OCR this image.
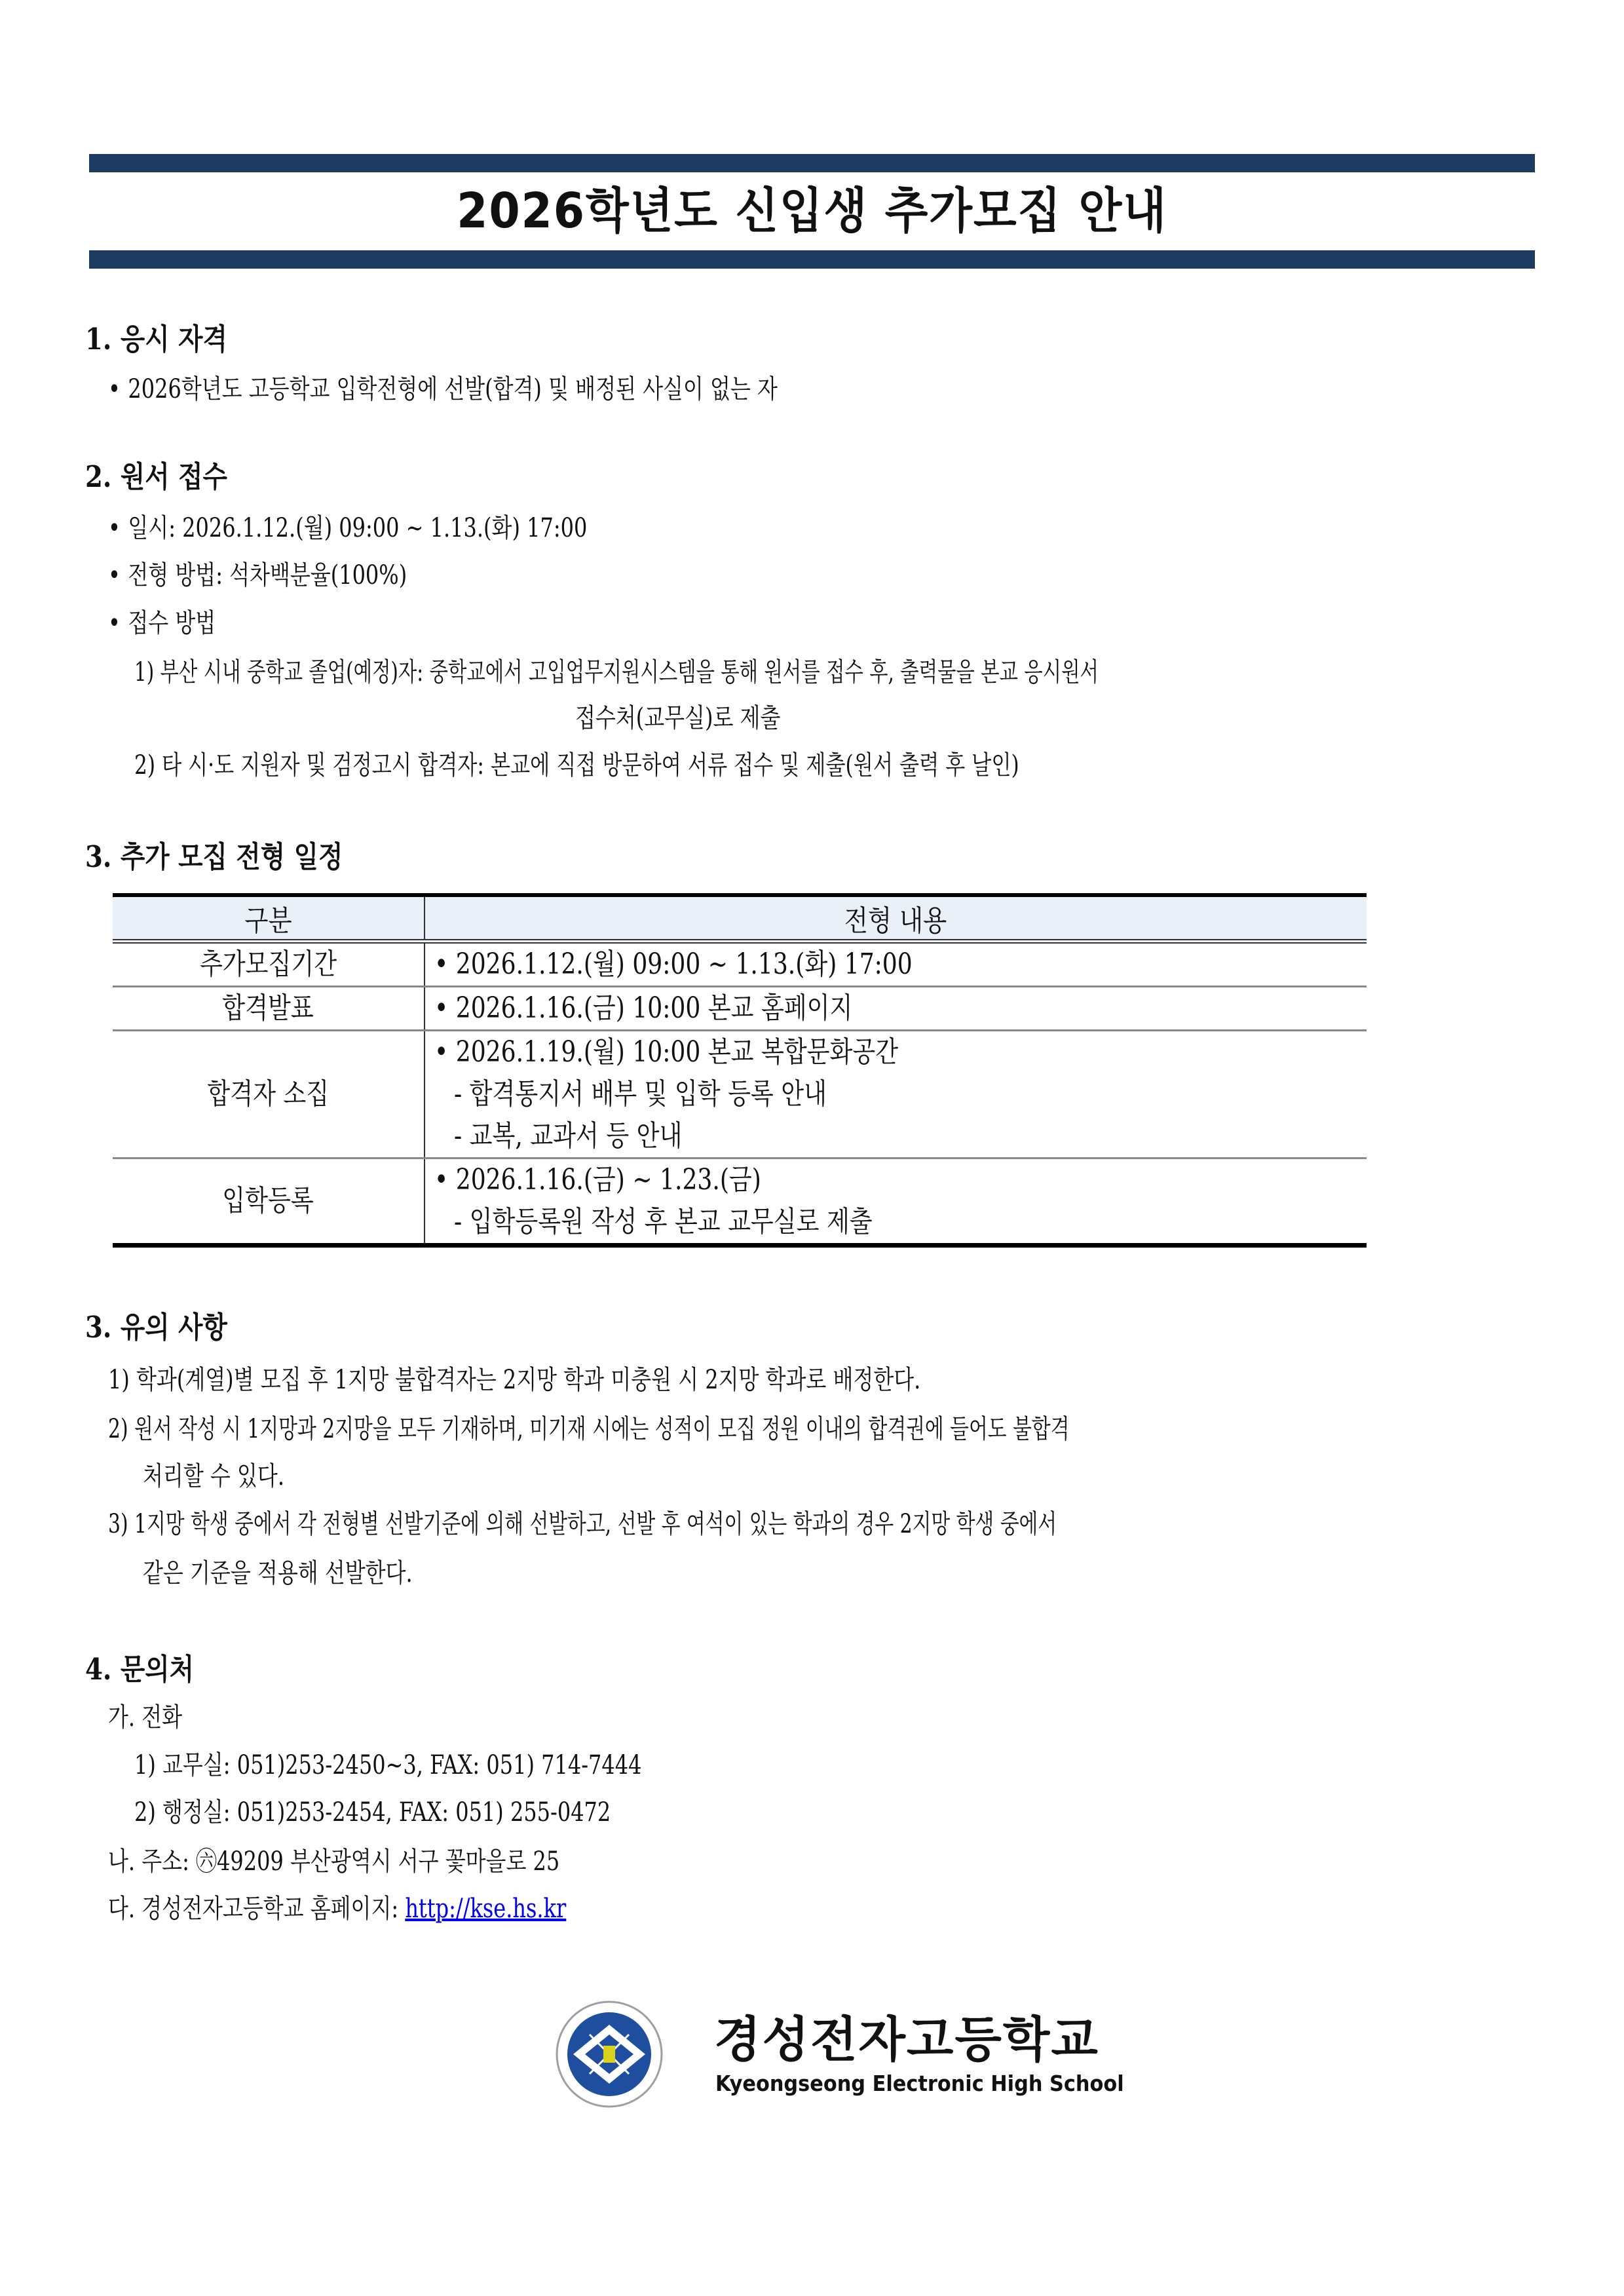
2026학년도 신입생 추가모집 안내
1. 응시 자격
• 2026학년도 고등학교 입학전형에 선발(합격) 및 배정된 사실이 없는 자
2. 원서 접수
• 일시: 2026.1.12.(월) 09:00 ~ 1.13.(화) 17:00
• 전형 방법: 석차백분율(100%)
• 접수 방법
1) 부산 시내 중학교 졸업(예정)자: 중학교에서 고입업무지원시스템을 통해 원서를 접수 후, 출력물을 본교 응시원서
접수처(교무실)로 제출
2) 타 시·도 지원자 및 검정고시 합격자: 본교에 직접 방문하여 서류 접수 및 제출(원서 출력 후 날인)
3. 추가 모집 전형 일정
구분	전형 내용
추가모집기간	• 2026.1.12.(월) 09:00 ~ 1.13.(화) 17:00
합격발표	• 2026.1.16.(금) 10:00 본교 홈페이지
합격자 소집	• 2026.1.19.(월) 10:00 본교 복합문화공간
- 합격통지서 배부 및 입학 등록 안내
- 교복, 교과서 등 안내

입학등록	• 2026.1.16.(금) ~ 1.23.(금)
- 입학등록원 작성 후 본교 교무실로 제출
3. 유의 사항
1) 학과(계열)별 모집 후 1지망 불합격자는 2지망 학과 미충원 시 2지망 학과로 배정한다.
2) 원서 작성 시 1지망과 2지망을 모두 기재하며, 미기재 시에는 성적이 모집 정원 이내의 합격권에 들어도 불합격
처리할 수 있다.
3) 1지망 학생 중에서 각 전형별 선발기준에 의해 선발하고, 선발 후 여석이 있는 학과의 경우 2지망 학생 중에서
같은 기준을 적용해 선발한다.
4. 문의처
가. 전화
1) 교무실: 051)253-2450~3, FAX: 051) 714-7444
2) 행정실: 051)253-2454, FAX: 051) 255-0472
나. 주소: ㊅49209 부산광역시 서구 꽃마을로 25
다. 경성전자고등학교 홈페이지: http://kse.hs.kr
경성전자고등학교
Kyeongseong Electronic High School
